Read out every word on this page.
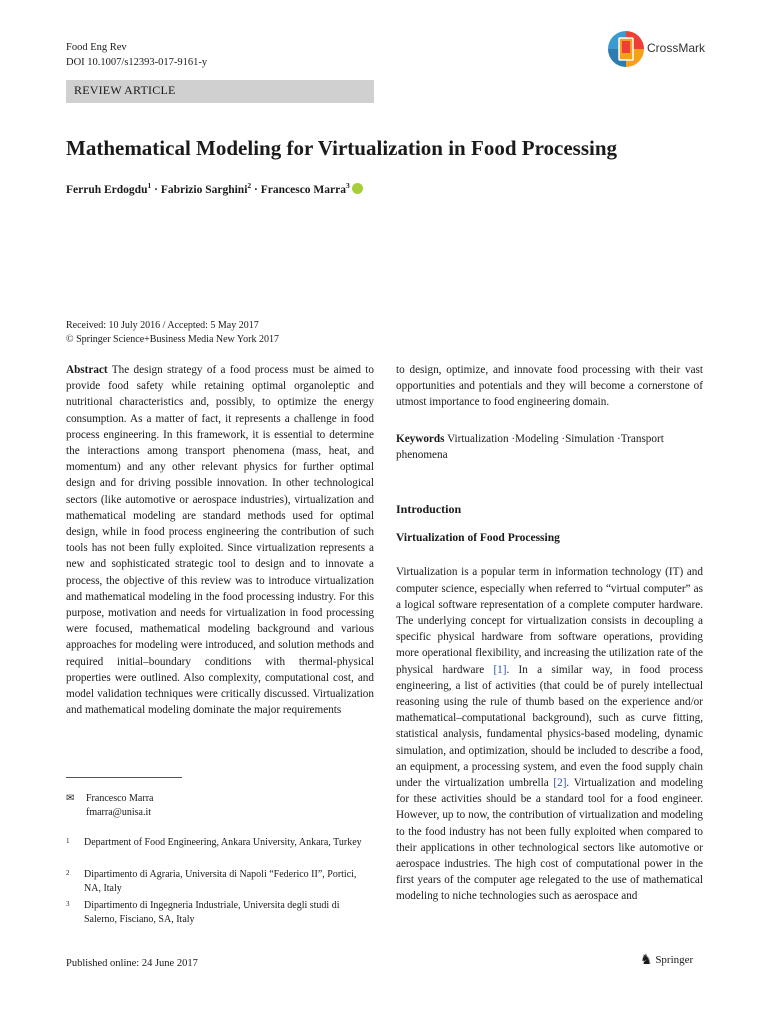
Food Eng Rev
DOI 10.1007/s12393-017-9161-y
CrossMark
REVIEW ARTICLE
Mathematical Modeling for Virtualization in Food Processing
Ferruh Erdogdu$^1$ · Fabrizio Sarghini$^2$ · Francesco Marra$^3$
Received: 10 July 2016 / Accepted: 5 May 2017
© Springer Science+Business Media New York 2017

Abstract The design strategy of a food process must be aimed to provide food safety while retaining optimal organoleptic and nutritional characteristics and, possibly, to optimize the energy consumption. As a matter of fact, it represents a challenge in food process engineering. In this framework, it is essential to determine the interactions among transport phenomena (mass, heat, and momentum) and any other relevant physics for further optimal design and for driving possible innovation. In other technological sectors (like automotive or aerospace industries), virtualization and mathematical modeling are standard methods used for optimal design, while in food process engineering the contribution of such tools has not been fully exploited. Since virtualization represents a new and sophisticated strategic tool to design and to innovate a process, the objective of this review was to introduce virtualization and mathematical modeling in the food processing industry. For this purpose, motivation and needs for virtualization in food processing were focused, mathematical modeling background and various approaches for modeling were introduced, and solution methods and required initial–boundary conditions with thermal-physical properties were outlined. Also complexity, computational cost, and model validation techniques were critically discussed. Virtualization and mathematical modeling dominate the major requirements

to design, optimize, and innovate food processing with their vast opportunities and potentials and they will become a cornerstone of utmost importance to food engineering domain.

Keywords Virtualization ·Modeling ·Simulation ·Transport phenomena

Introduction

Virtualization of Food Processing

Virtualization is a popular term in information technology (IT) and computer science, especially when referred to “virtual computer” as a logical software representation of a complete computer hardware. The underlying concept for virtualization consists in decoupling a specific physical hardware from software operations, providing more operational flexibility, and increasing the utilization rate of the physical hardware [1]. In a similar way, in food process engineering, a list of activities (that could be of purely intellectual reasoning using the rule of thumb based on the experience and/or mathematical–computational background), such as curve fitting, statistical analysis, fundamental physics-based modeling, dynamic simulation, and optimization, should be included to describe a food, an equipment, a processing system, and even the food supply chain under the virtualization umbrella [2]. Virtualization and modeling for these activities should be a standard tool for a food engineer. However, up to now, the contribution of virtualization and modeling to the food industry has not been fully exploited when compared to their applications in other technological sectors like automotive or aerospace industries. The high cost of computational power in the first years of the computer age relegated to the use of mathematical modeling to niche technologies such as aerospace and

✉ Francesco Marra
fmarra@unisa.it
1 Department of Food Engineering, Ankara University, Ankara, Turkey
2 Dipartimento di Agraria, Universita di Napoli “Federico II”, Portici, NA, Italy
3 Dipartimento di Ingegneria Industriale, Universita degli studi di Salerno, Fisciano, SA, Italy
Published online: 24 June 2017	♞ Springer
